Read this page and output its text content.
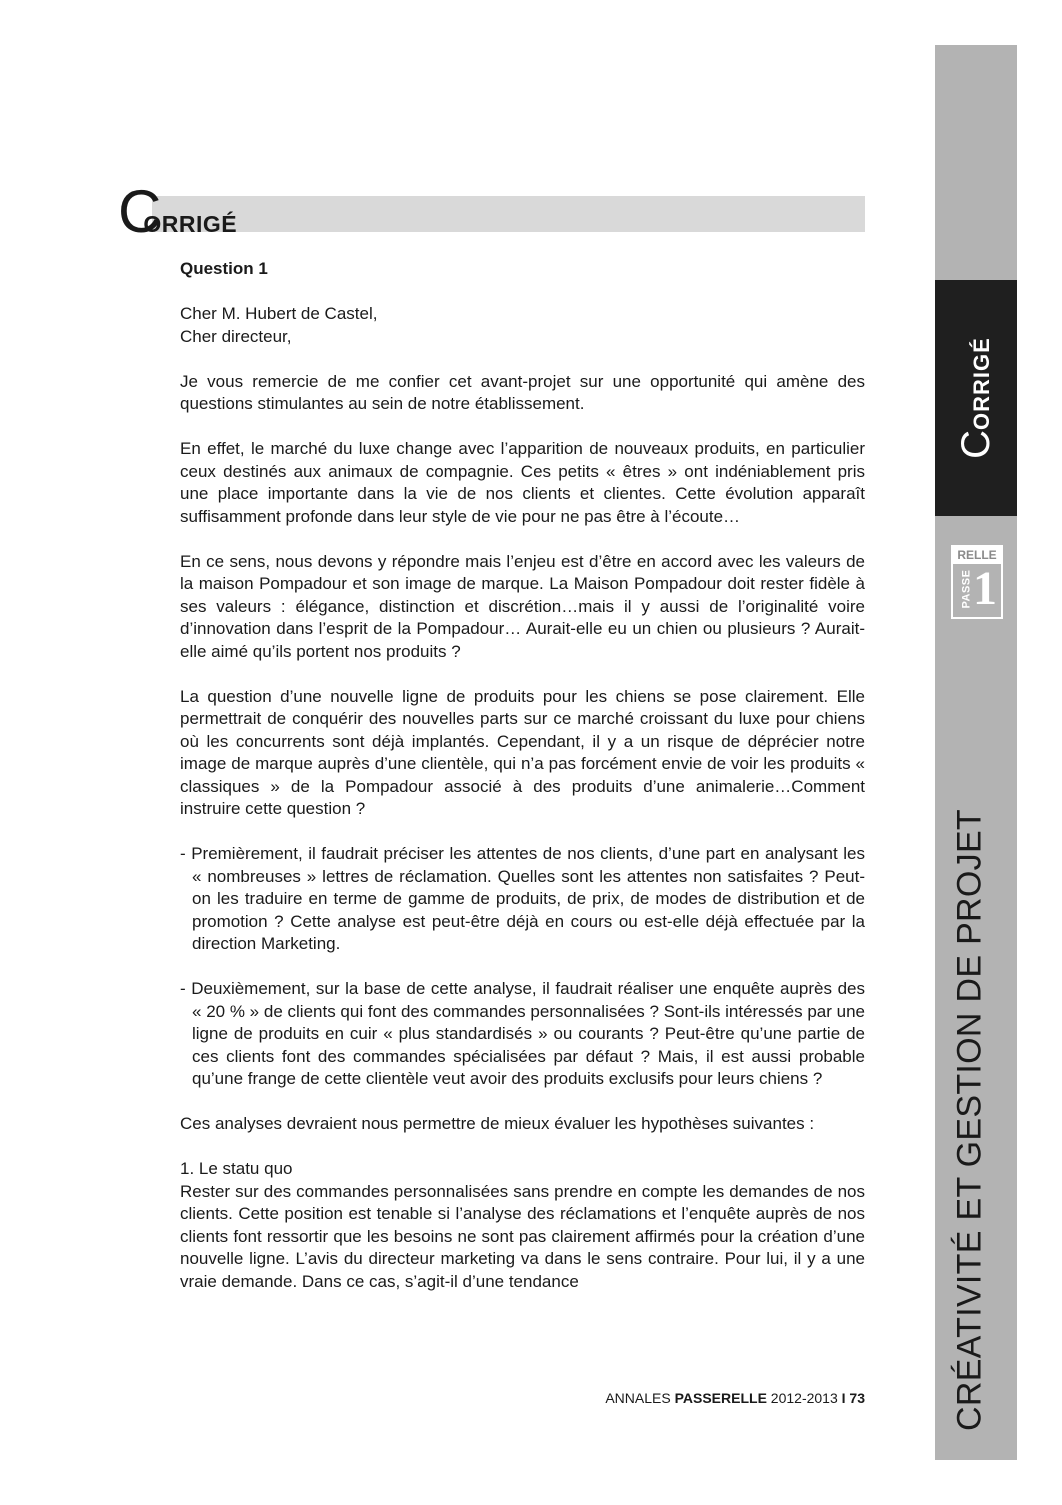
CORRIGÉ

Question 1

Cher M. Hubert de Castel,

Cher directeur,

Je vous remercie de me confier cet avant-projet sur une opportunité qui amène des questions stimulantes au sein de notre établissement.

En effet, le marché du luxe change avec l’apparition de nouveaux produits, en particulier ceux destinés aux animaux de compagnie. Ces petits « êtres » ont indéniablement pris une place importante dans la vie de nos clients et clientes. Cette évolution apparaît suffisamment profonde dans leur style de vie pour ne pas être à l’écoute…

En ce sens, nous devons y répondre mais l’enjeu est d’être en accord avec les valeurs de la maison Pompadour et son image de marque. La Maison Pompadour doit rester fidèle à ses valeurs : élégance, distinction et discrétion…mais il y aussi de l’originalité voire d’innovation dans l’esprit de la Pompadour… Aurait-elle eu un chien ou plusieurs ? Aurait-elle aimé qu’ils portent nos produits ?

La question d’une nouvelle ligne de produits pour les chiens se pose clairement. Elle permettrait de conquérir des nouvelles parts sur ce marché croissant du luxe pour chiens où les concurrents sont déjà implantés. Cependant, il y a un risque de déprécier notre image de marque auprès d’une clientèle, qui n’a pas forcément envie de voir les produits « classiques » de la Pompadour associé à des produits d’une animalerie…Comment instruire cette question ?

- Premièrement, il faudrait préciser les attentes de nos clients, d’une part en analysant les « nombreuses » lettres de réclamation. Quelles sont les attentes non satisfaites ? Peut-on les traduire en terme de gamme de produits, de prix, de modes de distribution et de promotion ? Cette analyse est peut-être déjà en cours ou est-elle déjà effectuée par la direction Marketing.

- Deuxièmement, sur la base de cette analyse, il faudrait réaliser une enquête auprès des « 20 % » de clients qui font des commandes personnalisées ? Sont-ils intéressés par une ligne de produits en cuir « plus standardisés » ou courants ? Peut-être qu’une partie de ces clients font des commandes spécialisées par défaut ? Mais, il est aussi probable qu’une frange de cette clientèle veut avoir des produits exclusifs pour leurs chiens ?

Ces analyses devraient nous permettre de mieux évaluer les hypothèses suivantes :

1. Le statu quo

Rester sur des commandes personnalisées sans prendre en compte les demandes de nos clients. Cette position est tenable si l’analyse des réclamations et l’enquête auprès de nos clients font ressortir que les besoins ne sont pas clairement affirmés pour la création d’une nouvelle ligne. L’avis du directeur marketing va dans le sens contraire. Pour lui, il y a une vraie demande. Dans ce cas, s’agit-il d’une tendance

ANNALES PASSERELLE 2012-2013 I 73
CORRIGÉ
RELLE
PASSE 1
CRÉATIVITÉ ET GESTION DE PROJET
